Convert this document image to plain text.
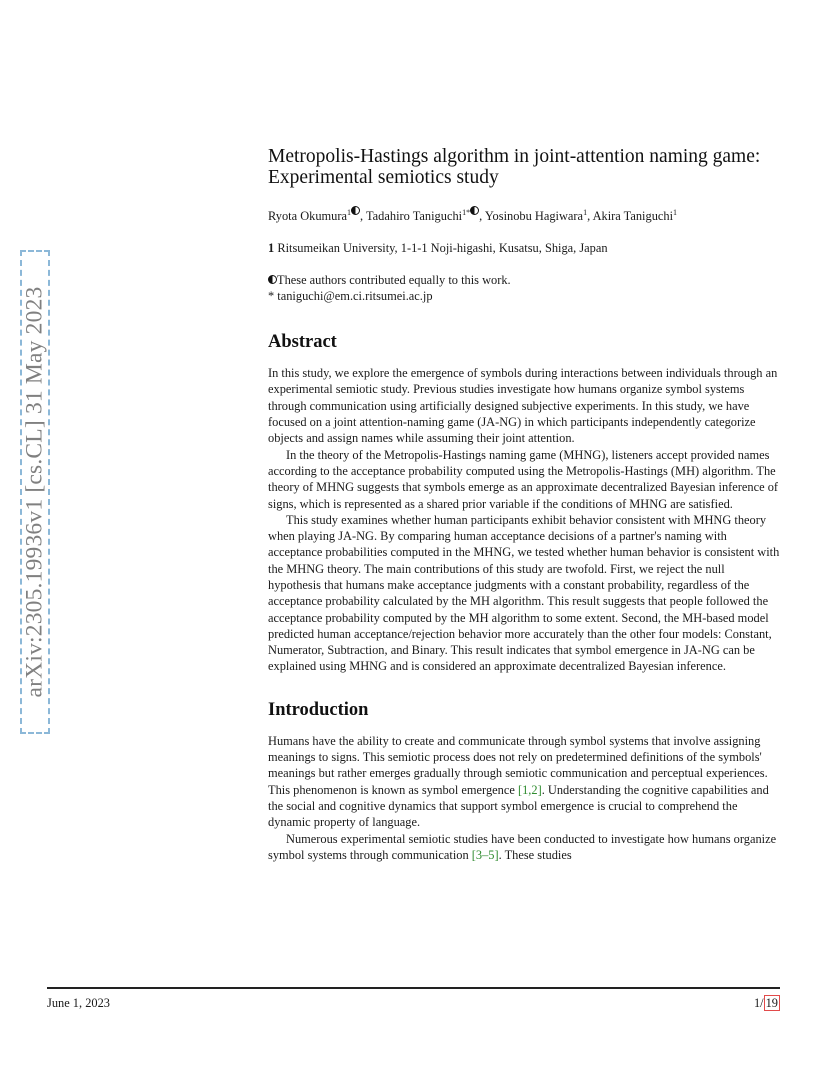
arXiv:2305.19936v1 [cs.CL] 31 May 2023
Metropolis-Hastings algorithm in joint-attention naming game: Experimental semiotics study
Ryota Okumura$^1$ , Tadahiro Taniguchi$^{1*}$ , Yosinobu Hagiwara$^1$, Akira Taniguchi$^1$
1 Ritsumeikan University, 1-1-1 Noji-higashi, Kusatsu, Shiga, Japan
These authors contributed equally to this work.
* taniguchi@em.ci.ritsumei.ac.jp
Abstract

In this study, we explore the emergence of symbols during interactions between individuals through an experimental semiotic study. Previous studies investigate how humans organize symbol systems through communication using artificially designed subjective experiments. In this study, we have focused on a joint attention-naming game (JA-NG) in which participants independently categorize objects and assign names while assuming their joint attention.

In the theory of the Metropolis-Hastings naming game (MHNG), listeners accept provided names according to the acceptance probability computed using the Metropolis-Hastings (MH) algorithm. The theory of MHNG suggests that symbols emerge as an approximate decentralized Bayesian inference of signs, which is represented as a shared prior variable if the conditions of MHNG are satisfied.

This study examines whether human participants exhibit behavior consistent with MHNG theory when playing JA-NG. By comparing human acceptance decisions of a partner's naming with acceptance probabilities computed in the MHNG, we tested whether human behavior is consistent with the MHNG theory. The main contributions of this study are twofold. First, we reject the null hypothesis that humans make acceptance judgments with a constant probability, regardless of the acceptance probability calculated by the MH algorithm. This result suggests that people followed the acceptance probability computed by the MH algorithm to some extent. Second, the MH-based model predicted human acceptance/rejection behavior more accurately than the other four models: Constant, Numerator, Subtraction, and Binary. This result indicates that symbol emergence in JA-NG can be explained using MHNG and is considered an approximate decentralized Bayesian inference.

Introduction

Humans have the ability to create and communicate through symbol systems that involve assigning meanings to signs. This semiotic process does not rely on predetermined definitions of the symbols' meanings but rather emerges gradually through semiotic communication and perceptual experiences. This phenomenon is known as symbol emergence [1,2]. Understanding the cognitive capabilities and the social and cognitive dynamics that support symbol emergence is crucial to comprehend the dynamic property of language.

Numerous experimental semiotic studies have been conducted to investigate how humans organize symbol systems through communication [3–5]. These studies

June 1, 2023	1/ 19
